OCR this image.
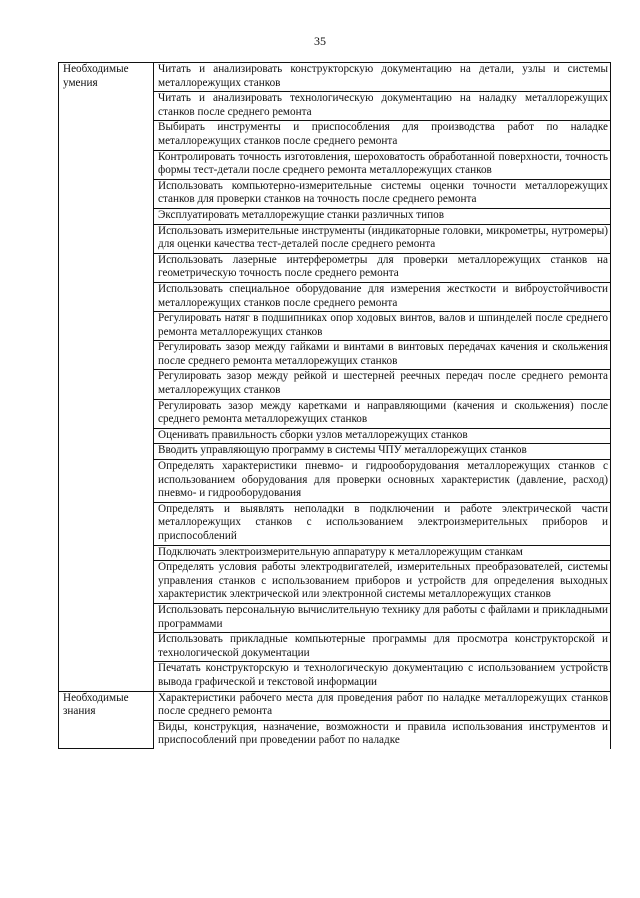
35
Необходимые умения	Читать и анализировать конструкторскую документацию на детали, узлы и системы металлорежущих станков
	Читать и анализировать технологическую документацию на наладку металлорежущих станков после среднего ремонта
	Выбирать инструменты и приспособления для производства работ по наладке металлорежущих станков после среднего ремонта
	Контролировать точность изготовления, шероховатость обработанной поверхности, точность формы тест-детали после среднего ремонта металлорежущих станков
	Использовать компьютерно-измерительные системы оценки точности металлорежущих станков для проверки станков на точность после среднего ремонта
	Эксплуатировать металлорежущие станки различных типов
	Использовать измерительные инструменты (индикаторные головки, микрометры, нутромеры) для оценки качества тест-деталей после среднего ремонта
	Использовать лазерные интерферометры для проверки металлорежущих станков на геометрическую точность после среднего ремонта
	Использовать специальное оборудование для измерения жесткости и виброустойчивости металлорежущих станков после среднего ремонта
	Регулировать натяг в подшипниках опор ходовых винтов, валов и шпинделей после среднего ремонта металлорежущих станков
	Регулировать зазор между гайками и винтами в винтовых передачах качения и скольжения после среднего ремонта металлорежущих станков
	Регулировать зазор между рейкой и шестерней реечных передач после среднего ремонта металлорежущих станков
	Регулировать зазор между каретками и направляющими (качения и скольжения) после среднего ремонта металлорежущих станков
	Оценивать правильность сборки узлов металлорежущих станков
	Вводить управляющую программу в системы ЧПУ металлорежущих станков
	Определять характеристики пневмо- и гидрооборудования металлорежущих станков с использованием оборудования для проверки основных характеристик (давление, расход) пневмо- и гидрооборудования
	Определять и выявлять неполадки в подключении и работе электрической части металлорежущих станков с использованием электроизмерительных приборов и приспособлений
	Подключать электроизмерительную аппаратуру к металлорежущим станкам
	Определять условия работы электродвигателей, измерительных преобразователей, системы управления станков с использованием приборов и устройств для определения выходных характеристик электрической или электронной системы металлорежущих станков
	Использовать персональную вычислительную технику для работы с файлами и прикладными программами
	Использовать прикладные компьютерные программы для просмотра конструкторской и технологической документации
	Печатать конструкторскую и технологическую документацию с использованием устройств вывода графической и текстовой информации
Необходимые знания	Характеристики рабочего места для проведения работ по наладке металлорежущих станков после среднего ремонта
	Виды, конструкция, назначение, возможности и правила использования инструментов и приспособлений при проведении работ по наладке
